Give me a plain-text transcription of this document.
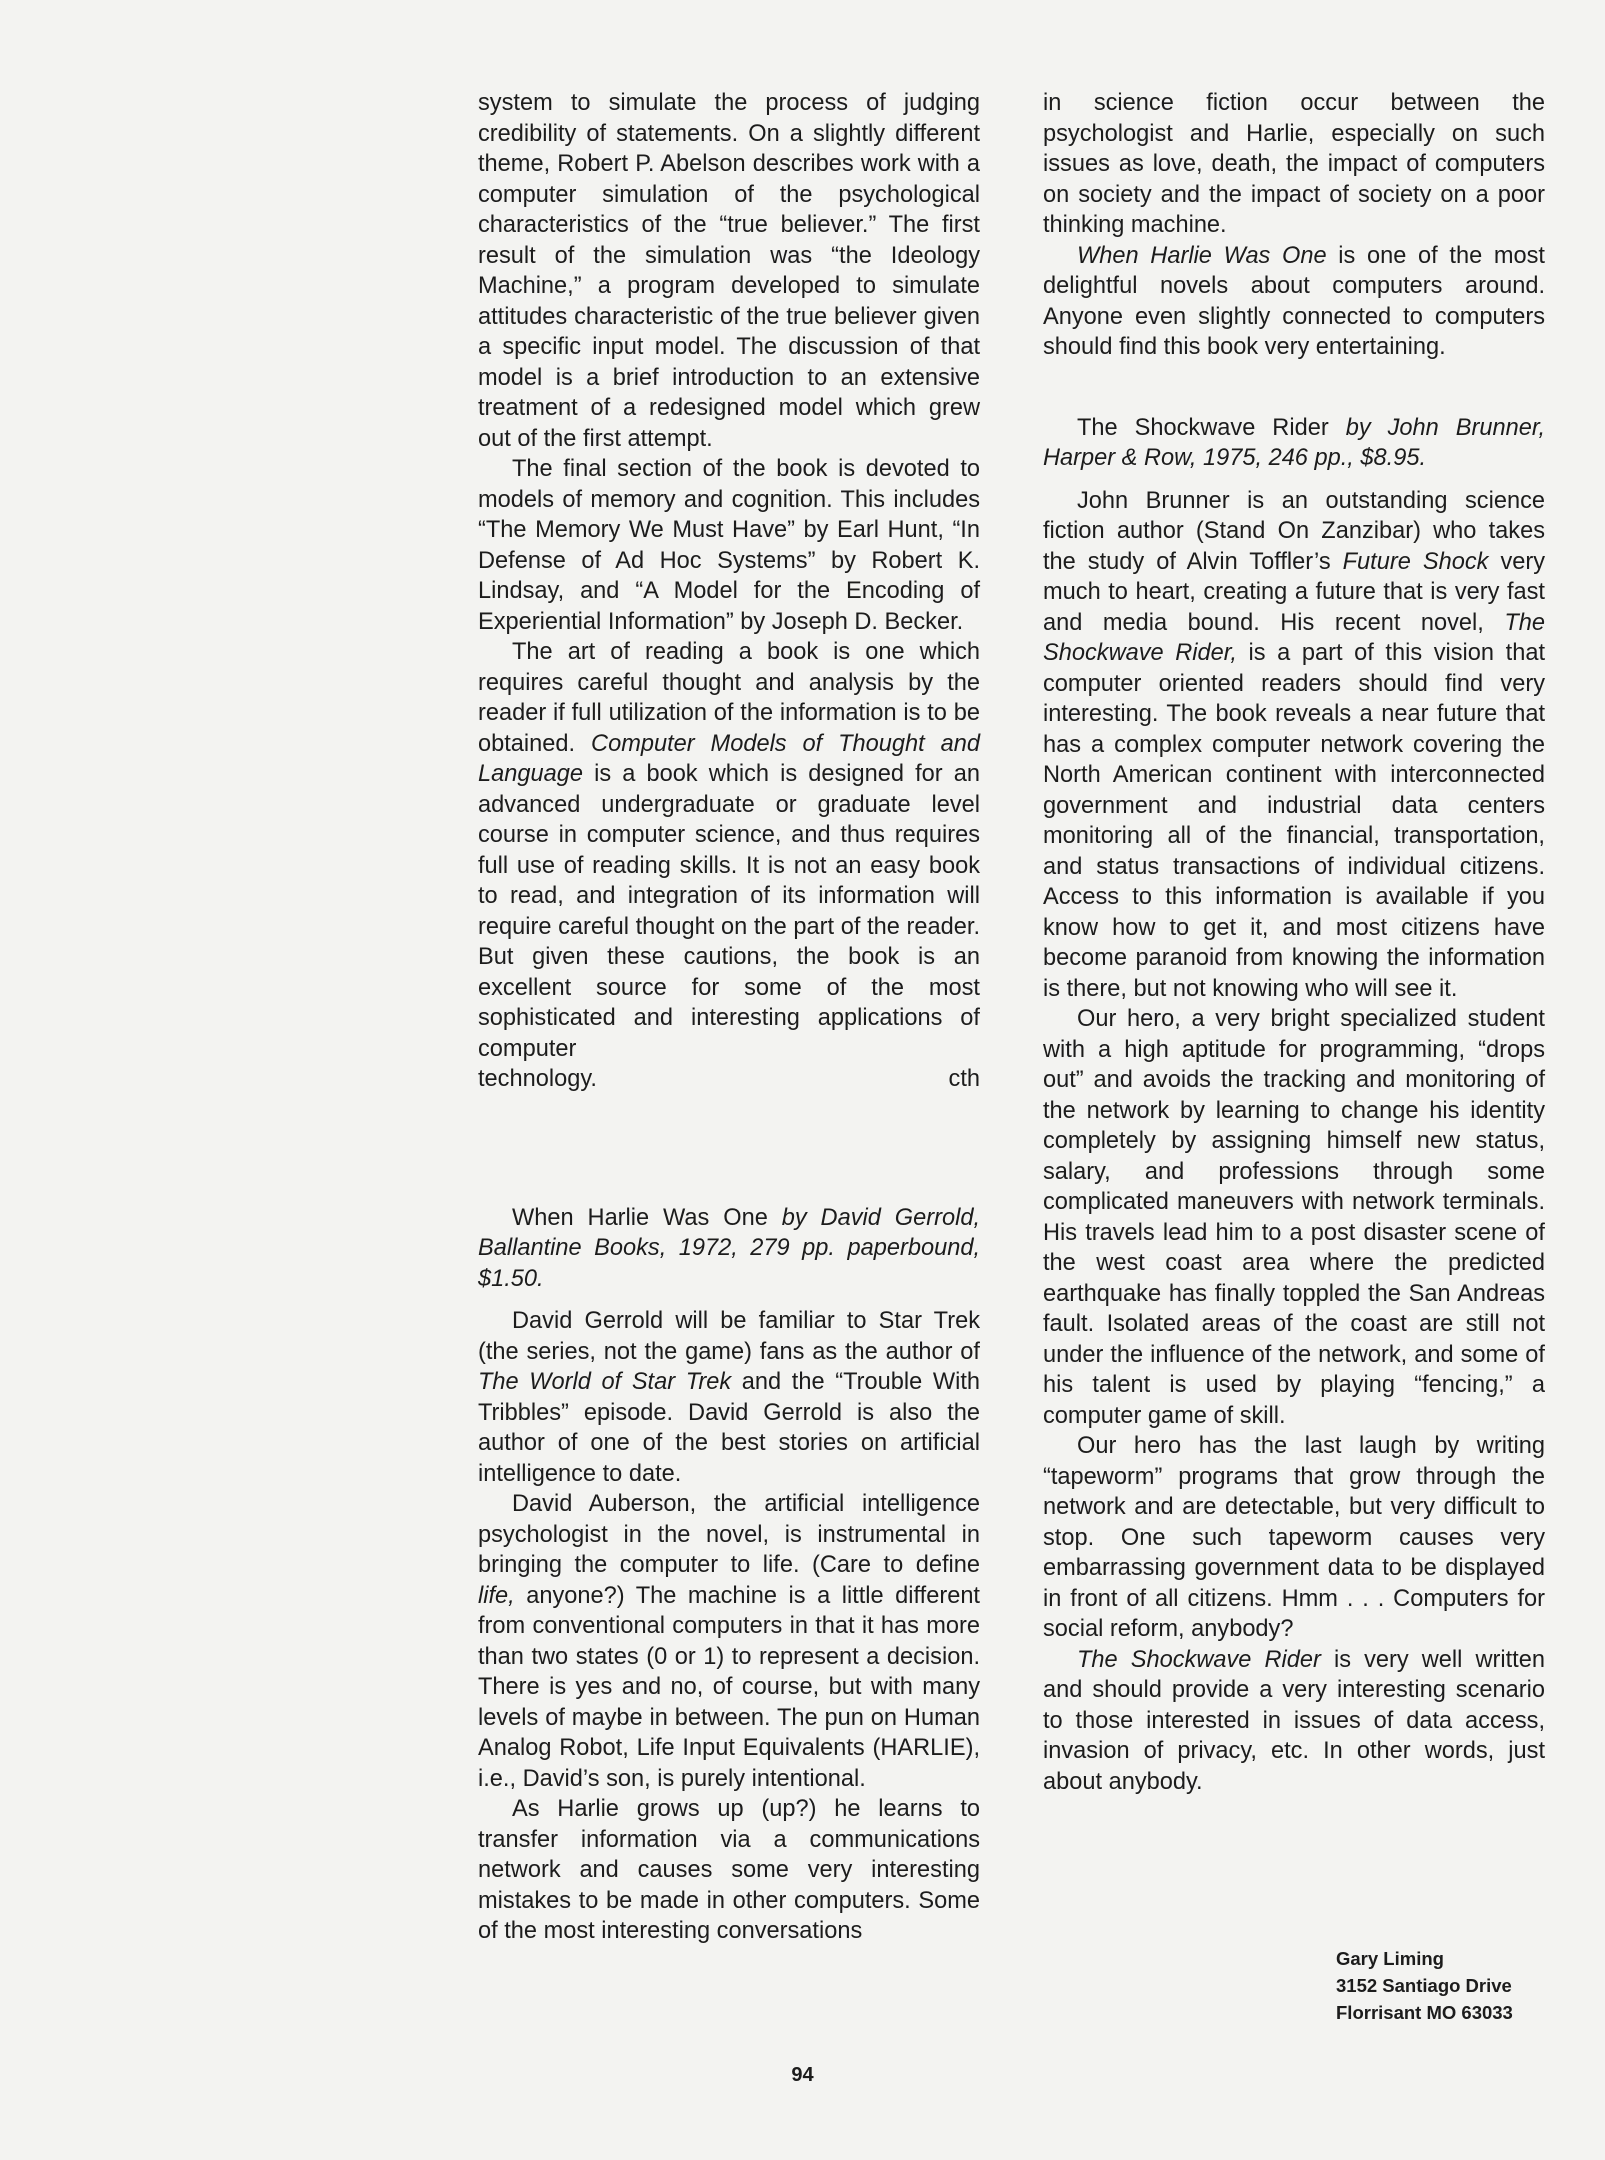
system to simulate the process of judging credibility of statements. On a slightly different theme, Robert P. Abelson describes work with a computer simulation of the psychological characteristics of the “true believer.” The first result of the simulation was “the Ideology Machine,” a program developed to simulate attitudes characteristic of the true believer given a specific input model. The discussion of that model is a brief introduction to an extensive treatment of a redesigned model which grew out of the first attempt.

The final section of the book is devoted to models of memory and cognition. This includes “The Memory We Must Have” by Earl Hunt, “In Defense of Ad Hoc Systems” by Robert K. Lindsay, and “A Model for the Encoding of Experiential Information” by Joseph D. Becker.

The art of reading a book is one which requires careful thought and analysis by the reader if full utilization of the information is to be obtained. Computer Models of Thought and Language is a book which is designed for an advanced undergraduate or graduate level course in computer science, and thus requires full use of reading skills. It is not an easy book to read, and integration of its information will require careful thought on the part of the reader. But given these cautions, the book is an excellent source for some of the most sophisticated and interesting applications of computer

technology.	cth

When Harlie Was One by David Gerrold, Ballantine Books, 1972, 279 pp. paperbound, $1.50.

David Gerrold will be familiar to Star Trek (the series, not the game) fans as the author of The World of Star Trek and the “Trouble With Tribbles” episode. David Gerrold is also the author of one of the best stories on artificial intelligence to date.

David Auberson, the artificial intelligence psychologist in the novel, is instrumental in bringing the computer to life. (Care to define life, anyone?) The machine is a little different from conventional computers in that it has more than two states (0 or 1) to represent a decision. There is yes and no, of course, but with many levels of maybe in between. The pun on Human Analog Robot, Life Input Equivalents (HARLIE), i.e., David’s son, is purely intentional.

As Harlie grows up (up?) he learns to transfer information via a communications network and causes some very interesting mistakes to be made in other computers. Some of the most interesting conversations

in science fiction occur between the psychologist and Harlie, especially on such issues as love, death, the impact of computers on society and the impact of society on a poor thinking machine.

When Harlie Was One is one of the most delightful novels about computers around. Anyone even slightly connected to computers should find this book very entertaining.

The Shockwave Rider by John Brunner, Harper & Row, 1975, 246 pp., $8.95.

John Brunner is an outstanding science fiction author (Stand On Zanzibar) who takes the study of Alvin Toffler’s Future Shock very much to heart, creating a future that is very fast and media bound. His recent novel, The Shockwave Rider, is a part of this vision that computer oriented readers should find very interesting. The book reveals a near future that has a complex computer network covering the North American continent with interconnected government and industrial data centers monitoring all of the financial, transportation, and status transactions of individual citizens. Access to this information is available if you know how to get it, and most citizens have become paranoid from knowing the information is there, but not knowing who will see it.

Our hero, a very bright specialized student with a high aptitude for programming, “drops out” and avoids the tracking and monitoring of the network by learning to change his identity completely by assigning himself new status, salary, and professions through some complicated maneuvers with network terminals. His travels lead him to a post disaster scene of the west coast area where the predicted earthquake has finally toppled the San Andreas fault. Isolated areas of the coast are still not under the influence of the network, and some of his talent is used by playing “fencing,” a computer game of skill.

Our hero has the last laugh by writing “tapeworm” programs that grow through the network and are detectable, but very difficult to stop. One such tapeworm causes very embarrassing government data to be displayed in front of all citizens. Hmm . . . Computers for social reform, anybody?

The Shockwave Rider is very well written and should provide a very interesting scenario to those interested in issues of data access, invasion of privacy, etc. In other words, just about anybody.

Gary Liming
3152 Santiago Drive
Florrisant MO 63033
94
